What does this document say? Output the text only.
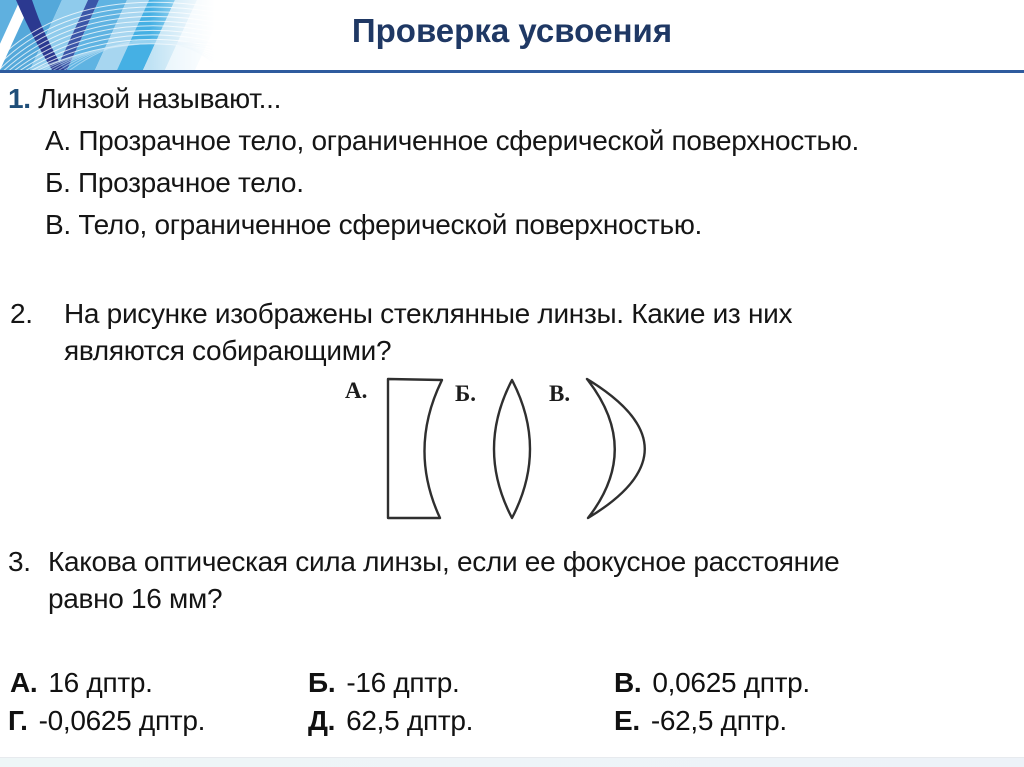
Проверка усвоения
1. Линзой называют...
А. Прозрачное тело, ограниченное сферической поверхностью.
Б. Прозрачное тело.
В. Тело, ограниченное сферической поверхностью.
2. На рисунке изображены стеклянные линзы. Какие из них
являются собирающими?
А.	Б.	В.
3. Какова оптическая сила линзы, если ее фокусное расстояние
равно 16 мм?
А. 16 дптр.	Б. -16 дптр.	В. 0,0625 дптр.
Г. -0,0625 дптр.	Д. 62,5 дптр.	Е. -62,5 дптр.
